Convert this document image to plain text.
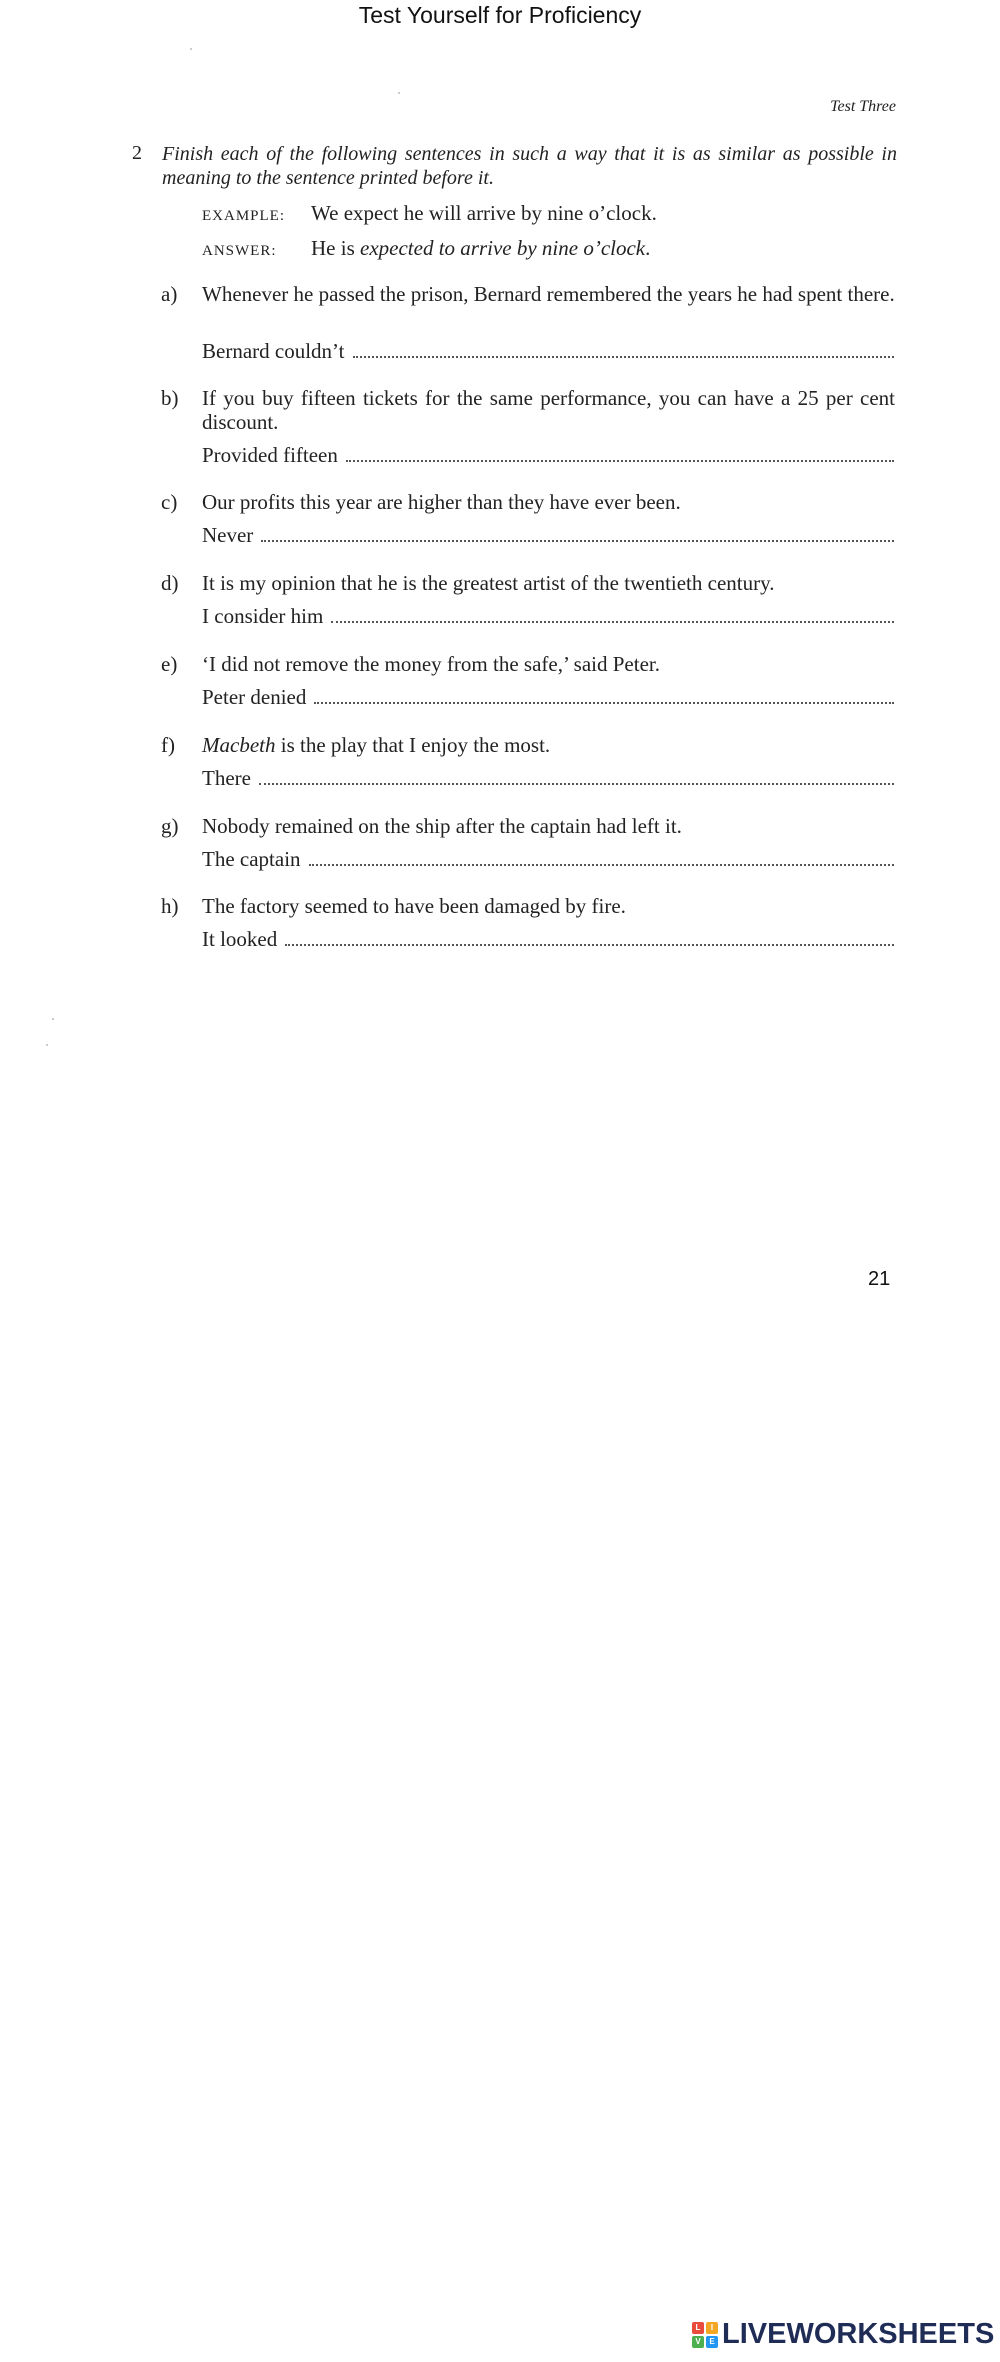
Test Yourself for Proficiency
Test Three
2 Finish each of the following sentences in such a way that it is as similar as possible in meaning to the sentence printed before it.
EXAMPLE: We expect he will arrive by nine o’clock.
ANSWER: He is expected to arrive by nine o’clock.
a) Whenever he passed the prison, Bernard remembered the years he had spent there.
Bernard couldn’t
b) If you buy fifteen tickets for the same performance, you can have a 25 per cent discount.
Provided fifteen
c) Our profits this year are higher than they have ever been.
Never
d) It is my opinion that he is the greatest artist of the twentieth century.
I consider him
e) ‘I did not remove the money from the safe,’ said Peter.
Peter denied
f) Macbeth is the play that I enjoy the most.
There
g) Nobody remained on the ship after the captain had left it.
The captain
h) The factory seemed to have been damaged by fire.
It looked
21
L	I
V	E LIVEWORKSHEETS
